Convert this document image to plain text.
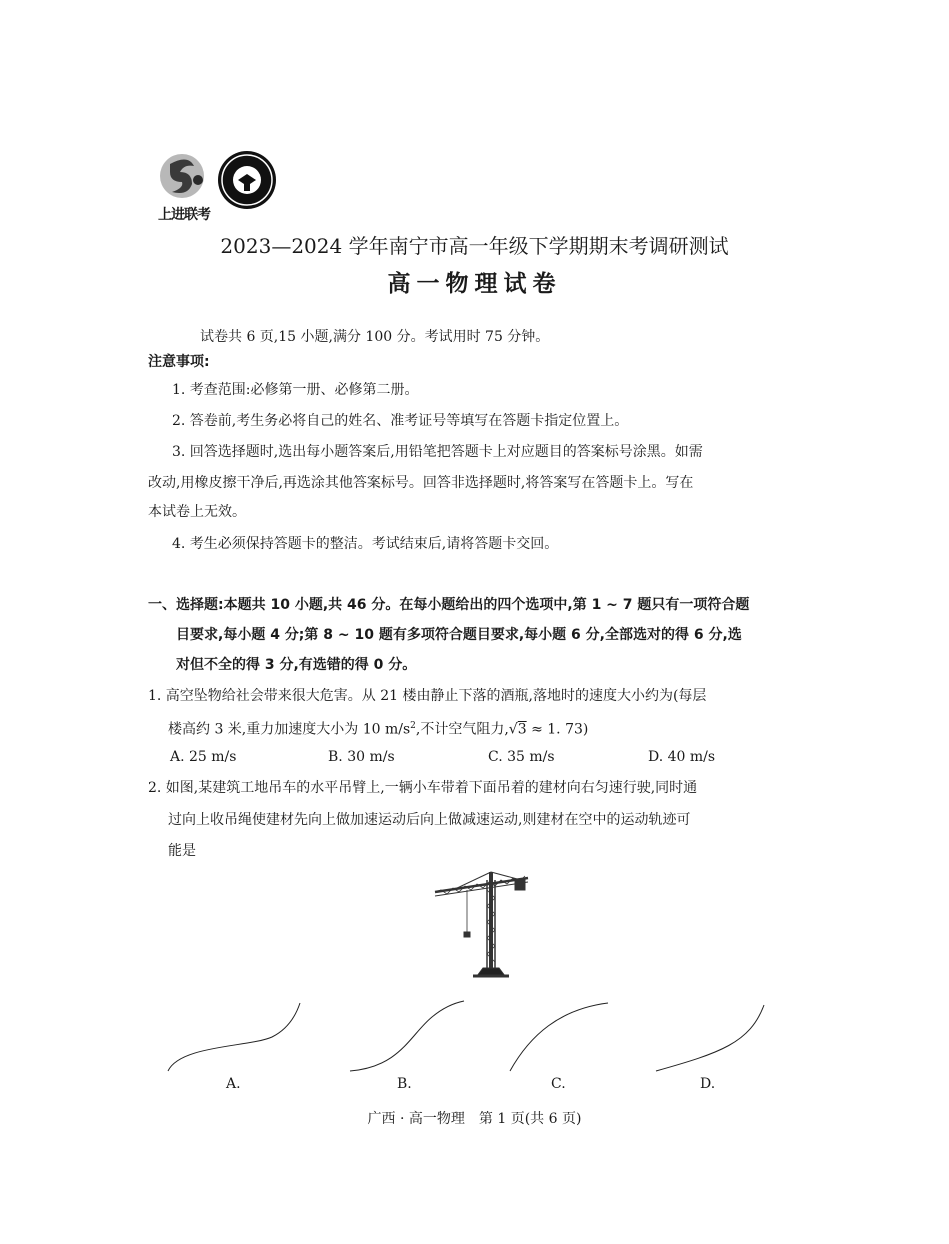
上进联考
2023—2024 学年南宁市高一年级下学期期末考调研测试
高一物理试卷
试卷共 6 页,15 小题,满分 100 分。考试用时 75 分钟。
注意事项:
1. 考查范围:必修第一册、必修第二册。
2. 答卷前,考生务必将自己的姓名、准考证号等填写在答题卡指定位置上。
3. 回答选择题时,选出每小题答案后,用铅笔把答题卡上对应题目的答案标号涂黑。如需
改动,用橡皮擦干净后,再选涂其他答案标号。回答非选择题时,将答案写在答题卡上。写在
本试卷上无效。
4. 考生必须保持答题卡的整洁。考试结束后,请将答题卡交回。
一、选择题:本题共 10 小题,共 46 分。在每小题给出的四个选项中,第 1 ~ 7 题只有一项符合题
目要求,每小题 4 分;第 8 ~ 10 题有多项符合题目要求,每小题 6 分,全部选对的得 6 分,选
对但不全的得 3 分,有选错的得 0 分。
1. 高空坠物给社会带来很大危害。从 21 楼由静止下落的酒瓶,落地时的速度大小约为(每层
楼高约 3 米,重力加速度大小为 10 $m/s^2$,不计空气阻力,√3 ≈ 1. 73)
A. 25 m/s	B. 30 m/s	C. 35 m/s	D. 40 m/s
2. 如图,某建筑工地吊车的水平吊臂上,一辆小车带着下面吊着的建材向右匀速行驶,同时通
过向上收吊绳使建材先向上做加速运动后向上做减速运动,则建材在空中的运动轨迹可
能是
A.	B.	C.	D.
广西 · 高一物理　第 1 页(共 6 页)
